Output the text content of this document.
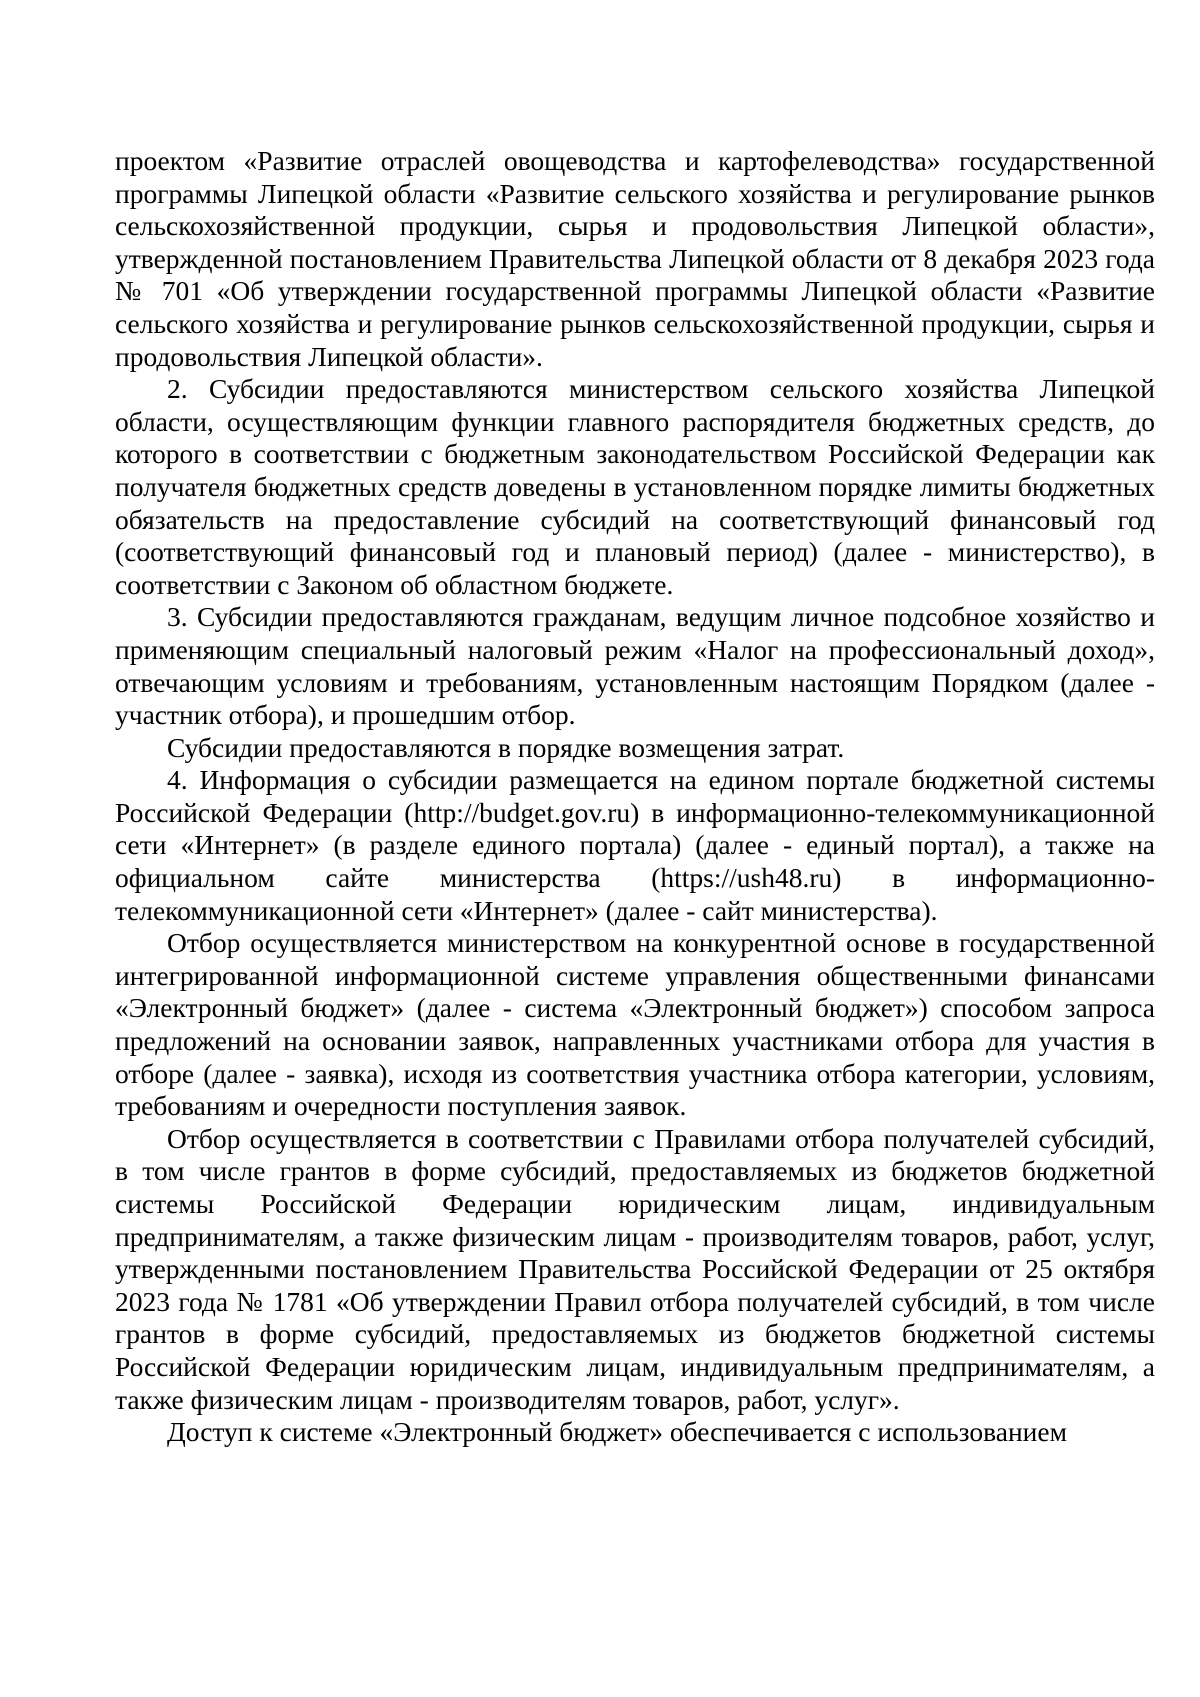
проектом «Развитие отраслей овощеводства и картофелеводства» государственной программы Липецкой области «Развитие сельского хозяйства и регулирование рынков сельскохозяйственной продукции, сырья и продовольствия Липецкой области», утвержденной постановлением Правительства Липецкой области от 8 декабря 2023 года № 701 «Об утверждении государственной программы Липецкой области «Развитие сельского хозяйства и регулирование рынков сельскохозяйственной продукции, сырья и продовольствия Липецкой области».

2. Субсидии предоставляются министерством сельского хозяйства Липецкой области, осуществляющим функции главного распорядителя бюджетных средств, до которого в соответствии с бюджетным законодательством Российской Федерации как получателя бюджетных средств доведены в установленном порядке лимиты бюджетных обязательств на предоставление субсидий на соответствующий финансовый год (соответствующий финансовый год и плановый период) (далее - министерство), в соответствии с Законом об областном бюджете.

3. Субсидии предоставляются гражданам, ведущим личное подсобное хозяйство и применяющим специальный налоговый режим «Налог на профессиональный доход», отвечающим условиям и требованиям, установленным настоящим Порядком (далее - участник отбора), и прошедшим отбор.

Субсидии предоставляются в порядке возмещения затрат.

4. Информация о субсидии размещается на едином портале бюджетной системы Российской Федерации (http://budget.gov.ru) в информационно-телекоммуникационной сети «Интернет» (в разделе единого портала) (далее - единый портал), а также на официальном сайте министерства (https://ush48.ru) в информационно-телекоммуникационной сети «Интернет» (далее - сайт министерства).

Отбор осуществляется министерством на конкурентной основе в государственной интегрированной информационной системе управления общественными финансами «Электронный бюджет» (далее - система «Электронный бюджет») способом запроса предложений на основании заявок, направленных участниками отбора для участия в отборе (далее - заявка), исходя из соответствия участника отбора категории, условиям, требованиям и очередности поступления заявок.

Отбор осуществляется в соответствии с Правилами отбора получателей субсидий, в том числе грантов в форме субсидий, предоставляемых из бюджетов бюджетной системы Российской Федерации юридическим лицам, индивидуальным предпринимателям, а также физическим лицам - производителям товаров, работ, услуг, утвержденными постановлением Правительства Российской Федерации от 25 октября 2023 года № 1781 «Об утверждении Правил отбора получателей субсидий, в том числе грантов в форме субсидий, предоставляемых из бюджетов бюджетной системы Российской Федерации юридическим лицам, индивидуальным предпринимателям, а также физическим лицам - производителям товаров, работ, услуг».

Доступ к системе «Электронный бюджет» обеспечивается с использованием
